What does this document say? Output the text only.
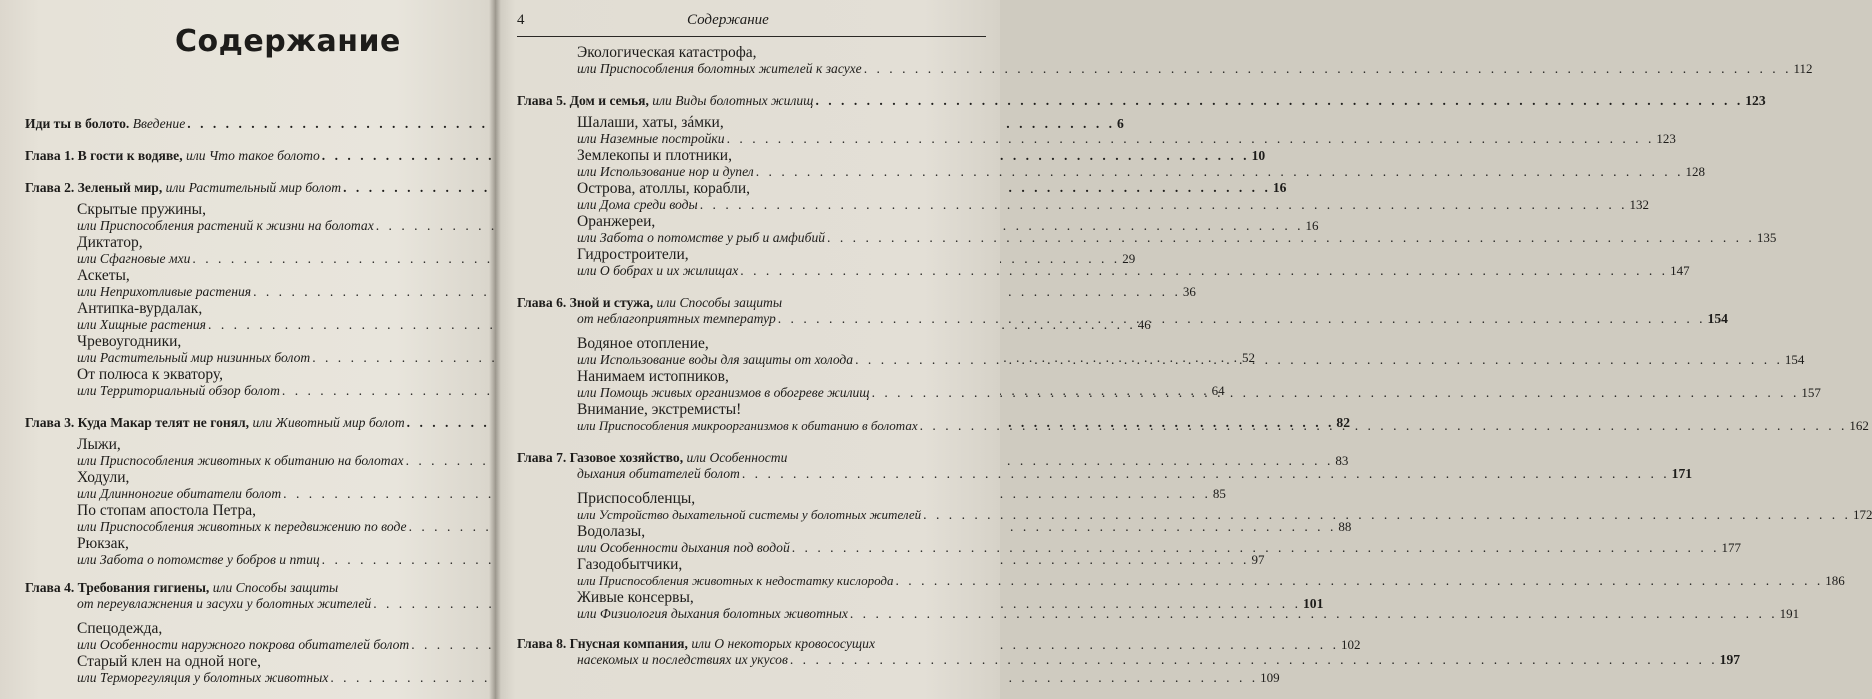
Содержание
Иди ты в болото. Введение . . .	6
Глава 1. В гости к водяве, или Что такое болото . . .	10
Глава 2. Зеленый мир, или Растительный мир болот . . .	16
Скрытые пружины,
или Приспособления растений к жизни на болотах . . .	16
Диктатор,
или Сфагновые мхи . . .	29
Аскеты,
или Неприхотливые растения . . .	36
Антипка-вурдалак,
или Хищные растения . . .	46
Чревоугодники,
или Растительный мир низинных болот . . .	52
От полюса к экватору,
или Территориальный обзор болот . . .	64
Глава 3. Куда Макар телят не гонял, или Животный мир болот . . .	82
Лыжи,
или Приспособления животных к обитанию на болотах . . .	83
Ходули,
или Длинноногие обитатели болот . . .	85
По стопам апостола Петра,
или Приспособления животных к передвижению по воде . . .	88
Рюкзак,
или Забота о потомстве у бобров и птиц . . .	97
Глава 4. Требования гигиены, или Способы защиты
от переувлажнения и засухи у болотных жителей . . .	101
Спецодежда,
или Особенности наружного покрова обитателей болот . . .	102
Старый клен на одной ноге,
или Терморегуляция у болотных животных . . .	109
4	Содержание
Экологическая катастрофа,
или Приспособления болотных жителей к засухе . . .	112
Глава 5. Дом и семья, или Виды болотных жилищ . . .	123
Шалаши, хаты, зáмки,
или Наземные постройки . . .	123
Землекопы и плотники,
или Использование нор и дупел . . .	128
Острова, атоллы, корабли,
или Дома среди воды . . .	132
Оранжереи,
или Забота о потомстве у рыб и амфибий . . .	135
Гидростроители,
или О бобрах и их жилищах . . .	147
Глава 6. Зной и стужа, или Способы защиты
от неблагоприятных температур . . .	154
Водяное отопление,
или Использование воды для защиты от холода . . .	154
Нанимаем истопников,
или Помощь живых организмов в обогреве жилищ . . .	157
Внимание, экстремисты!
или Приспособления микроорганизмов к обитанию в болотах . . .	162
Глава 7. Газовое хозяйство, или Особенности
дыхания обитателей болот . . .	171
Приспособленцы,
или Устройство дыхательной системы у болотных жителей . . .	172
Водолазы,
или Особенности дыхания под водой . . .	177
Газодобытчики,
или Приспособления животных к недостатку кислорода . . .	186
Живые консервы,
или Физиология дыхания болотных животных . . .	191
Глава 8. Гнусная компания, или О некоторых кровососущих
насекомых и последствиях их укусов . . .	197
